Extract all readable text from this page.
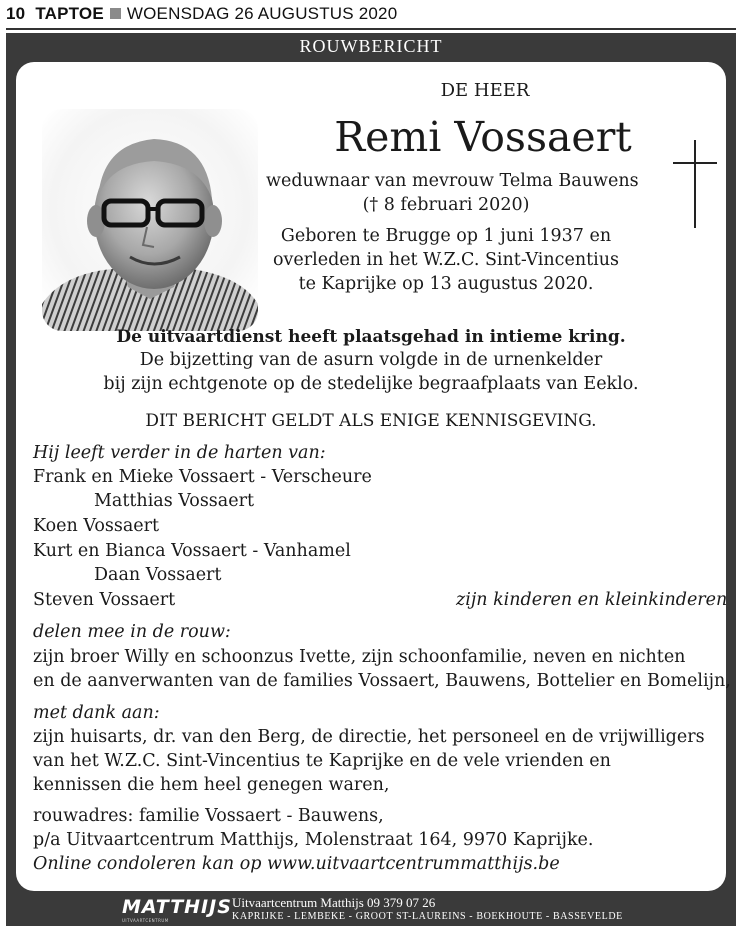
10 TAPTOE WOENSDAG 26 AUGUSTUS 2020
ROUWBERICHT
DE HEER
Remi Vossaert
weduwnaar van mevrouw Telma Bauwens
(† 8 februari 2020)
Geboren te Brugge op 1 juni 1937 en
overleden in het W.Z.C. Sint-Vincentius
te Kaprijke op 13 augustus 2020.
De uitvaartdienst heeft plaatsgehad in intieme kring.
De bijzetting van de asurn volgde in de urnenkelder
bij zijn echtgenote op de stedelijke begraafplaats van Eeklo.
DIT BERICHT GELDT ALS ENIGE KENNISGEVING.
Hij leeft verder in de harten van:
Frank en Mieke Vossaert - Verscheure
Matthias Vossaert
Koen Vossaert
Kurt en Bianca Vossaert - Vanhamel
Daan Vossaert
Steven Vossaert	zijn kinderen en kleinkinderen
delen mee in de rouw:
zijn broer Willy en schoonzus Ivette, zijn schoonfamilie, neven en nichten
en de aanverwanten van de families Vossaert, Bauwens, Bottelier en Bomelijn,
met dank aan:
zijn huisarts, dr. van den Berg, de directie, het personeel en de vrijwilligers
van het W.Z.C. Sint-Vincentius te Kaprijke en de vele vrienden en
kennissen die hem heel genegen waren,
rouwadres: familie Vossaert - Bauwens,
p/a Uitvaartcentrum Matthijs, Molenstraat 164, 9970 Kaprijke.
Online condoleren kan op www.uitvaartcentrummatthijs.be
MATTHIJS
UITVAARTCENTRUM
Uitvaartcentrum Matthijs 09 379 07 26
KAPRIJKE - LEMBEKE - GROOT ST-LAUREINS - BOEKHOUTE - BASSEVELDE
